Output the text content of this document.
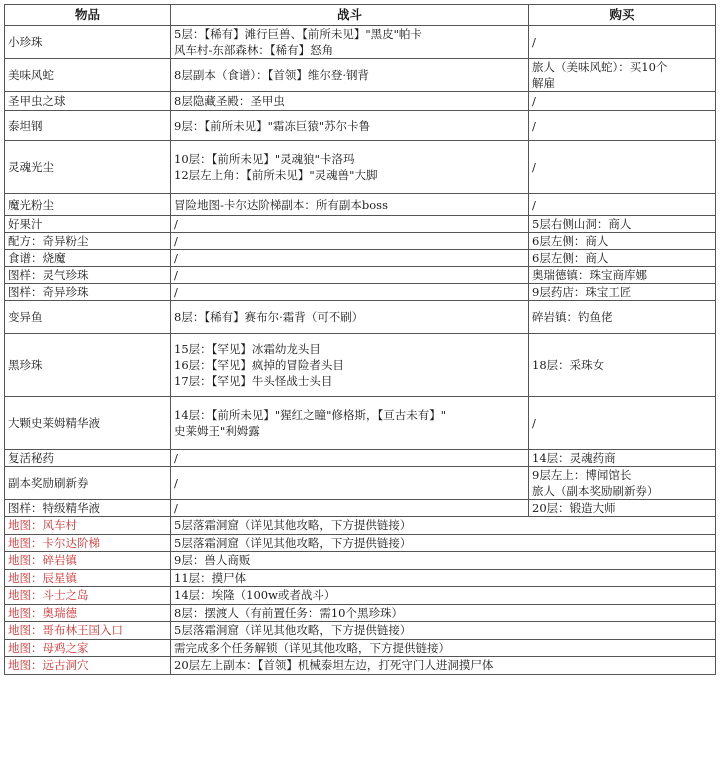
物品	战斗	购买
小珍珠	5层：【稀有】滩行巨兽、【前所未见】"黑皮"帕卡
风车村-东部森林：【稀有】怒角	/

美味风蛇	8层副本（食谱）：【首领】维尔登·钢背	旅人（美味风蛇）：买10个
解雇

圣甲虫之球	8层隐藏圣殿：圣甲虫	/

泰坦钢	9层：【前所未见】"霜冻巨猿"苏尔卡鲁	/

灵魂光尘	10层：【前所未见】"灵魂狼"卡洛玛
12层左上角：【前所未见】"灵魂兽"大脚	/

魔光粉尘	冒险地图-卡尔达阶梯副本：所有副本boss	/

好果汁	/	5层右侧山洞：商人

配方：奇异粉尘	/	6层左侧：商人

食谱：烧魔	/	6层左侧：商人

图样：灵气珍珠	/	奥瑞德镇：珠宝商库娜

图样：奇异珍珠	/	9层药店：珠宝工匠

变异鱼	8层：【稀有】赛布尔·霜背（可不刷）	碎岩镇：钓鱼佬

黑珍珠	15层：【罕见】冰霜幼龙头目
16层：【罕见】疯掉的冒险者头目
17层：【罕见】牛头怪战士头目	18层：采珠女

大颗史莱姆精华液	14层：【前所未见】"猩红之瞳"修格斯，【亘古未有】"
史莱姆王"利姆露	/

复活秘药	/	14层：灵魂药商

副本奖励刷新券	/	9层左上：博闻馆长
旅人（副本奖励刷新券）

图样：特级精华液	/	20层：锻造大师

地图：风车村	5层落霜洞窟（详见其他攻略，下方提供链接）	
地图：卡尔达阶梯	5层落霜洞窟（详见其他攻略，下方提供链接）	
地图：碎岩镇	9层：兽人商贩	
地图：辰星镇	11层：摸尸体	
地图：斗士之岛	14层：埃隆（100w或者战斗）	
地图：奥瑞德	8层：摆渡人（有前置任务：需10个黑珍珠）	
地图：哥布林王国入口	5层落霜洞窟（详见其他攻略，下方提供链接）	
地图：母鸡之家	需完成多个任务解锁（详见其他攻略，下方提供链接）	
地图：远古洞穴	20层左上副本：【首领】机械泰坦左边，打死守门人进洞摸尸体	
